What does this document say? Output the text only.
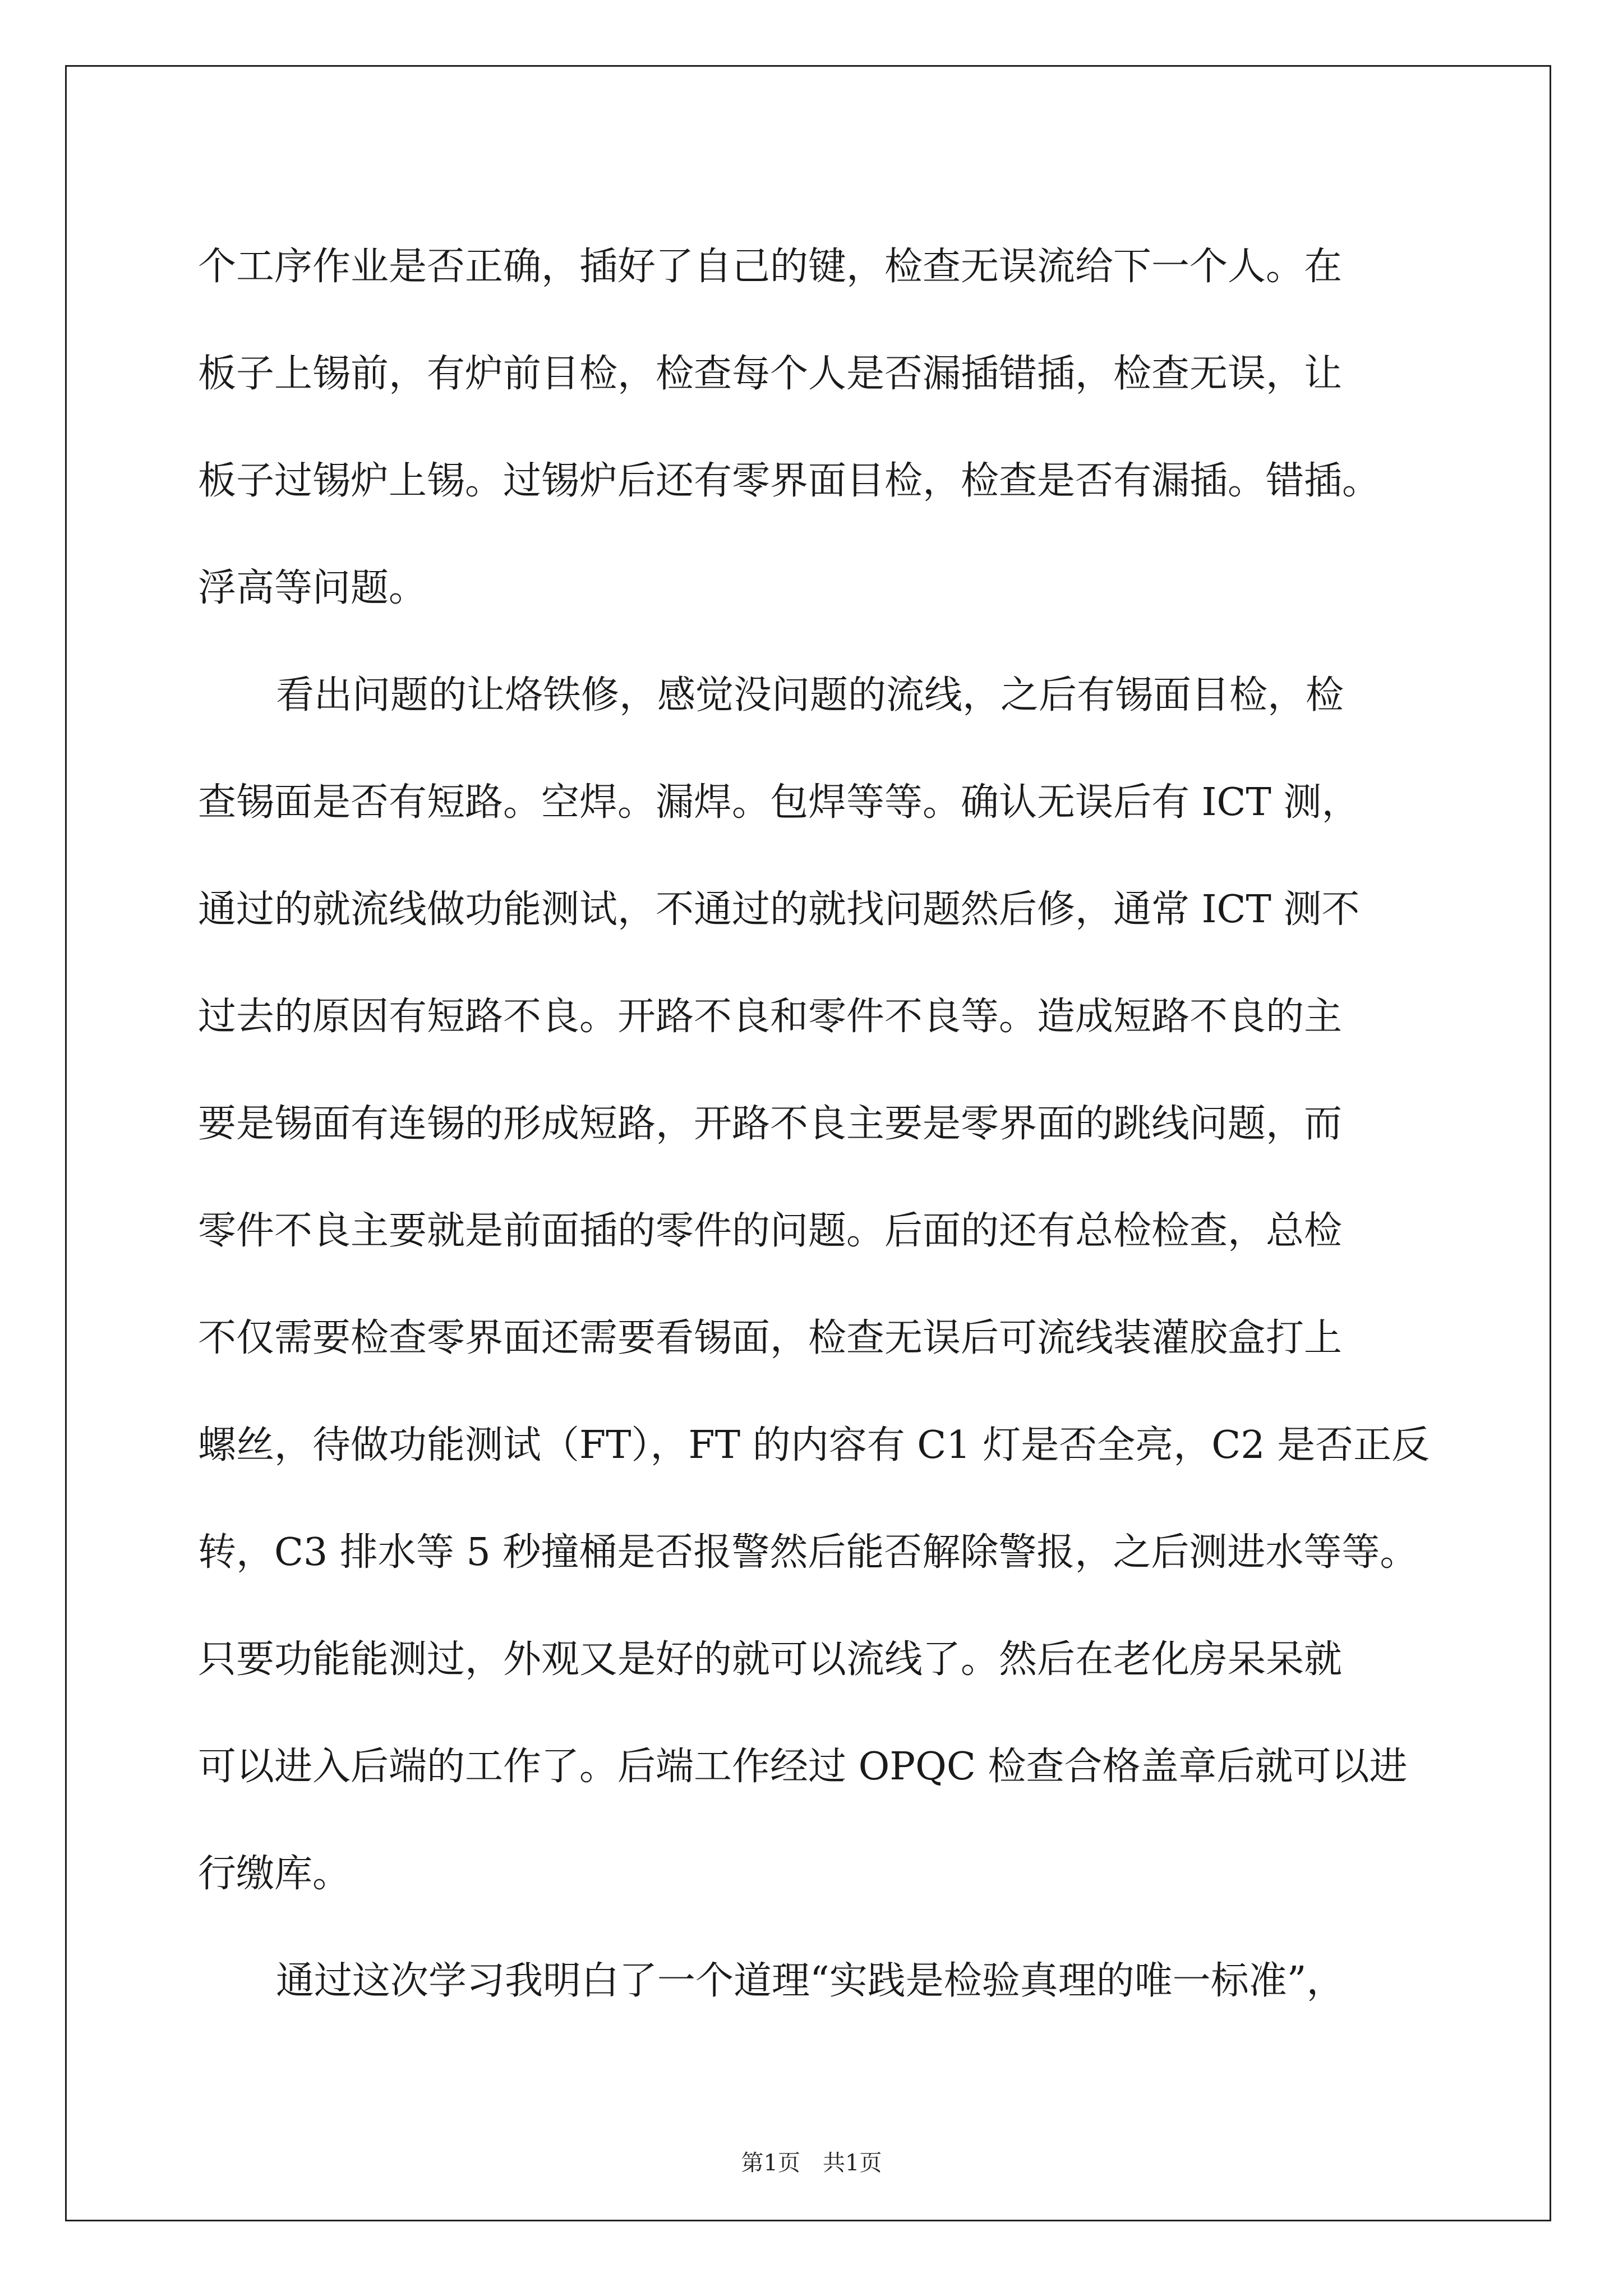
个工序作业是否正确，插好了自己的键，检查无误流给下一个人。在
板子上锡前，有炉前目检，检查每个人是否漏插错插，检查无误，让
板子过锡炉上锡。过锡炉后还有零界面目检，检查是否有漏插。错插。
浮高等问题。
看出问题的让烙铁修，感觉没问题的流线，之后有锡面目检，检
查锡面是否有短路。空焊。漏焊。包焊等等。确认无误后有 ICT 测，
通过的就流线做功能测试，不通过的就找问题然后修，通常 ICT 测不
过去的原因有短路不良。开路不良和零件不良等。造成短路不良的主
要是锡面有连锡的形成短路，开路不良主要是零界面的跳线问题，而
零件不良主要就是前面插的零件的问题。后面的还有总检检查，总检
不仅需要检查零界面还需要看锡面，检查无误后可流线装灌胶盒打上
螺丝，待做功能测试（FT），FT 的内容有 C1 灯是否全亮，C2 是否正反
转，C3 排水等 5 秒撞桶是否报警然后能否解除警报，之后测进水等等。
只要功能能测过，外观又是好的就可以流线了。然后在老化房呆呆就
可以进入后端的工作了。后端工作经过 OPQC 检查合格盖章后就可以进
行缴库。
通过这次学习我明白了一个道理“实践是检验真理的唯一标准”，
第1页　共1页
